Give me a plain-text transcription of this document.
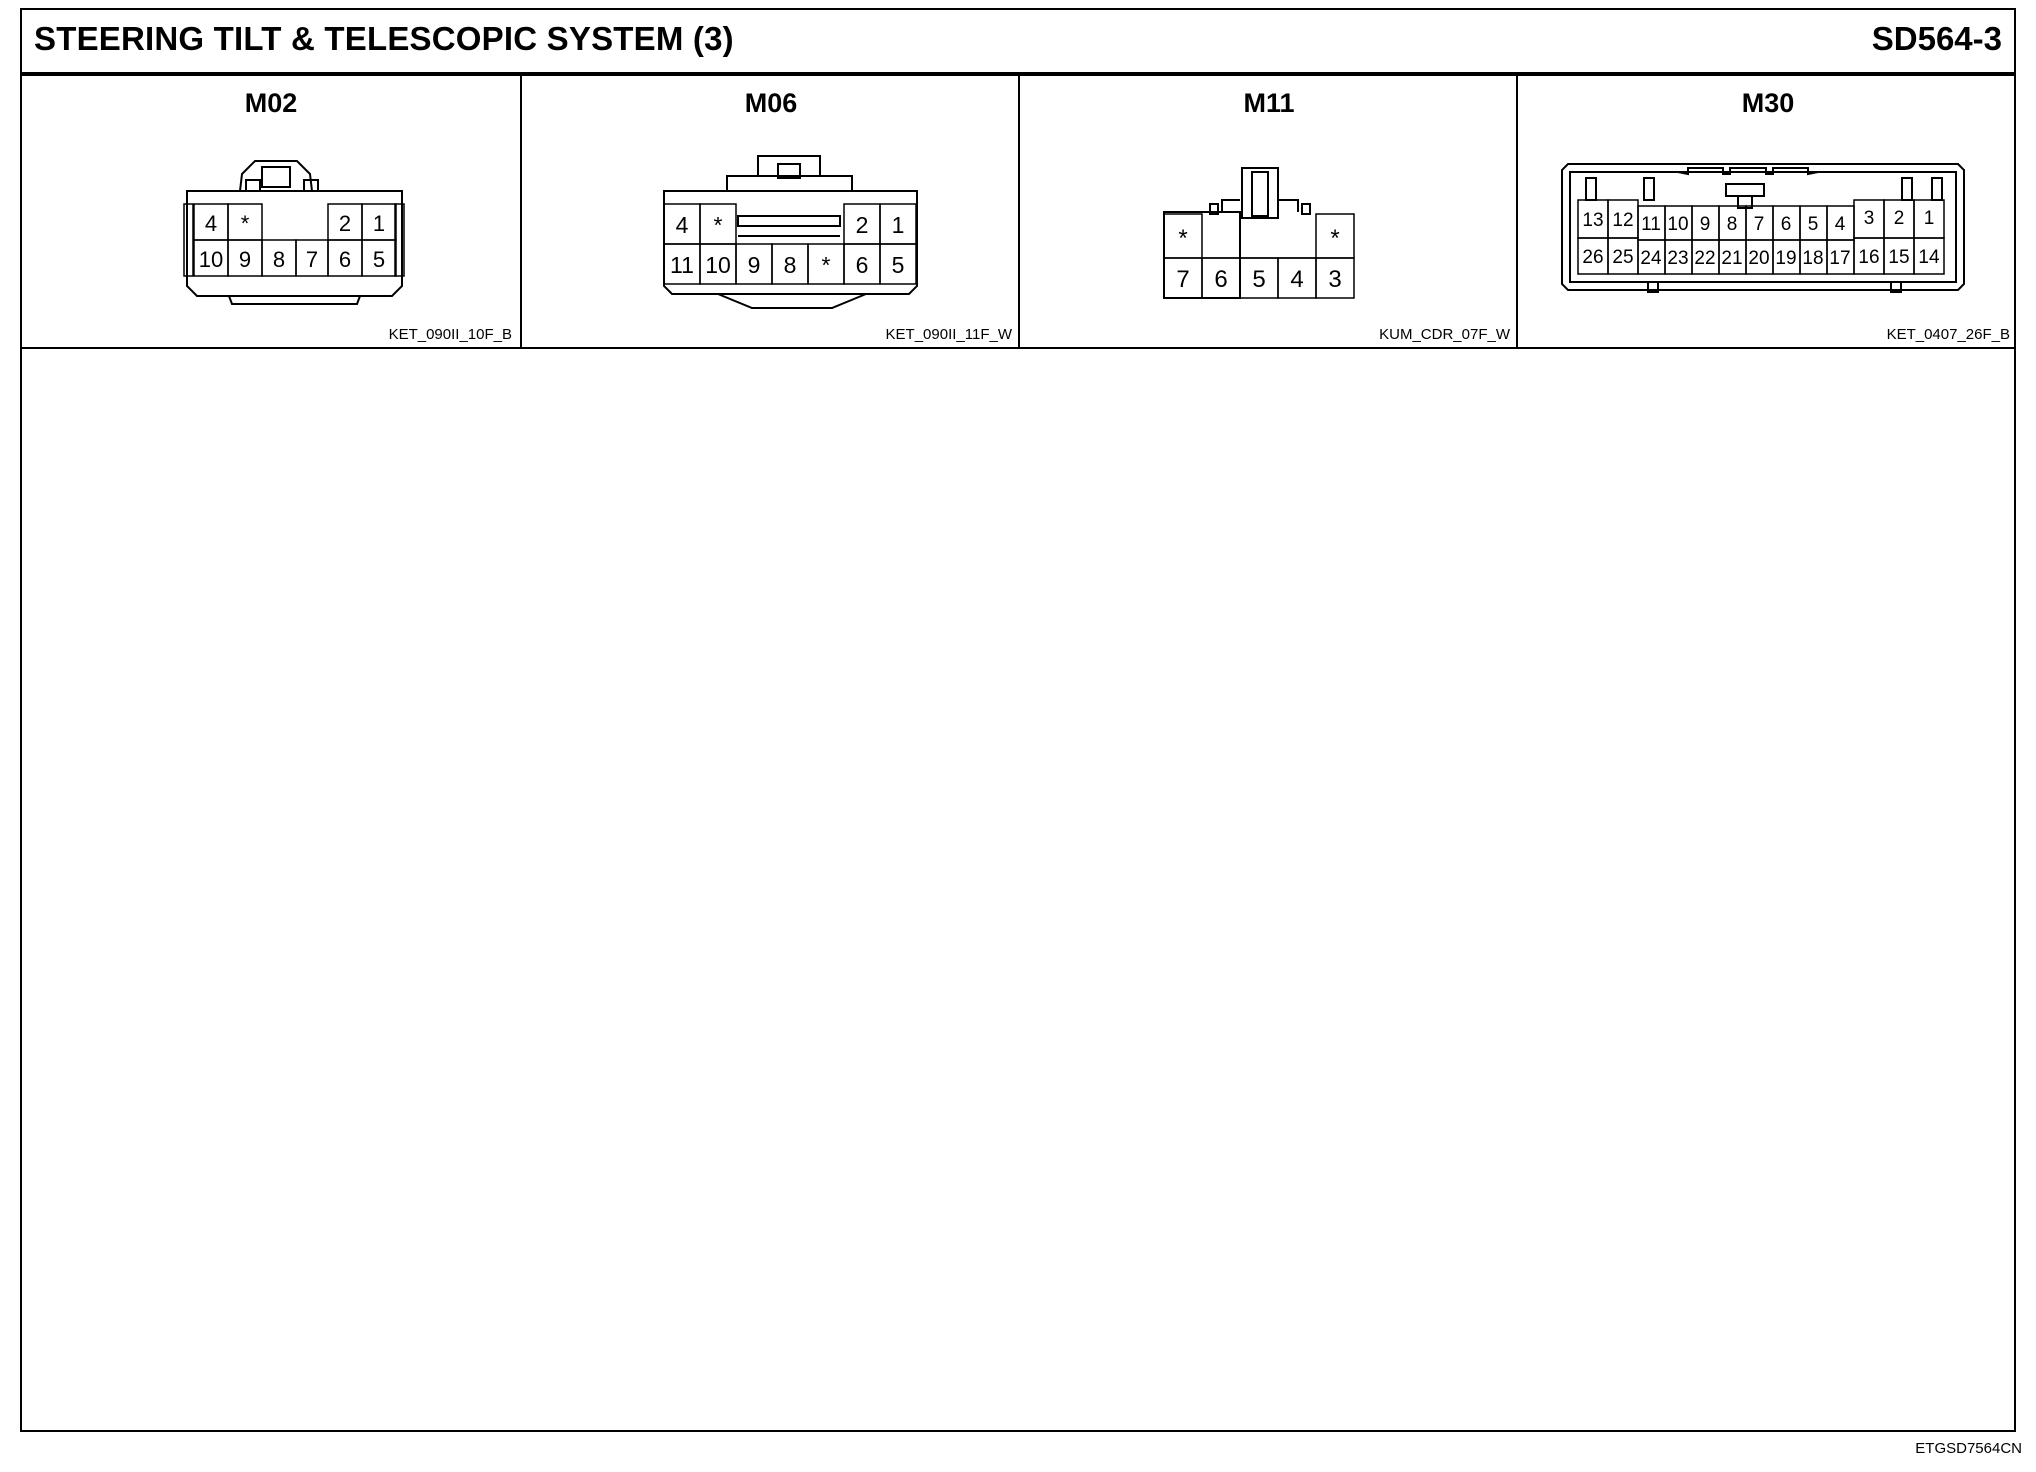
STEERING TILT & TELESCOPIC SYSTEM (3)	SD564-3
M02
4 *	2 1
10 9 8 7 6 5
KET_090II_10F_B
M06
4 *	2 1
11 10 9 8 * 6 5
KET_090II_11F_W
M11
*	*
7 6 5 4 3
KUM_CDR_07F_W
M30
13 12 11 10 9 8 7 6 5 4 3 2 1
26 25 24 23 22 21 20 19 18 17 16 15 14
KET_0407_26F_B
ETGSD7564CN
